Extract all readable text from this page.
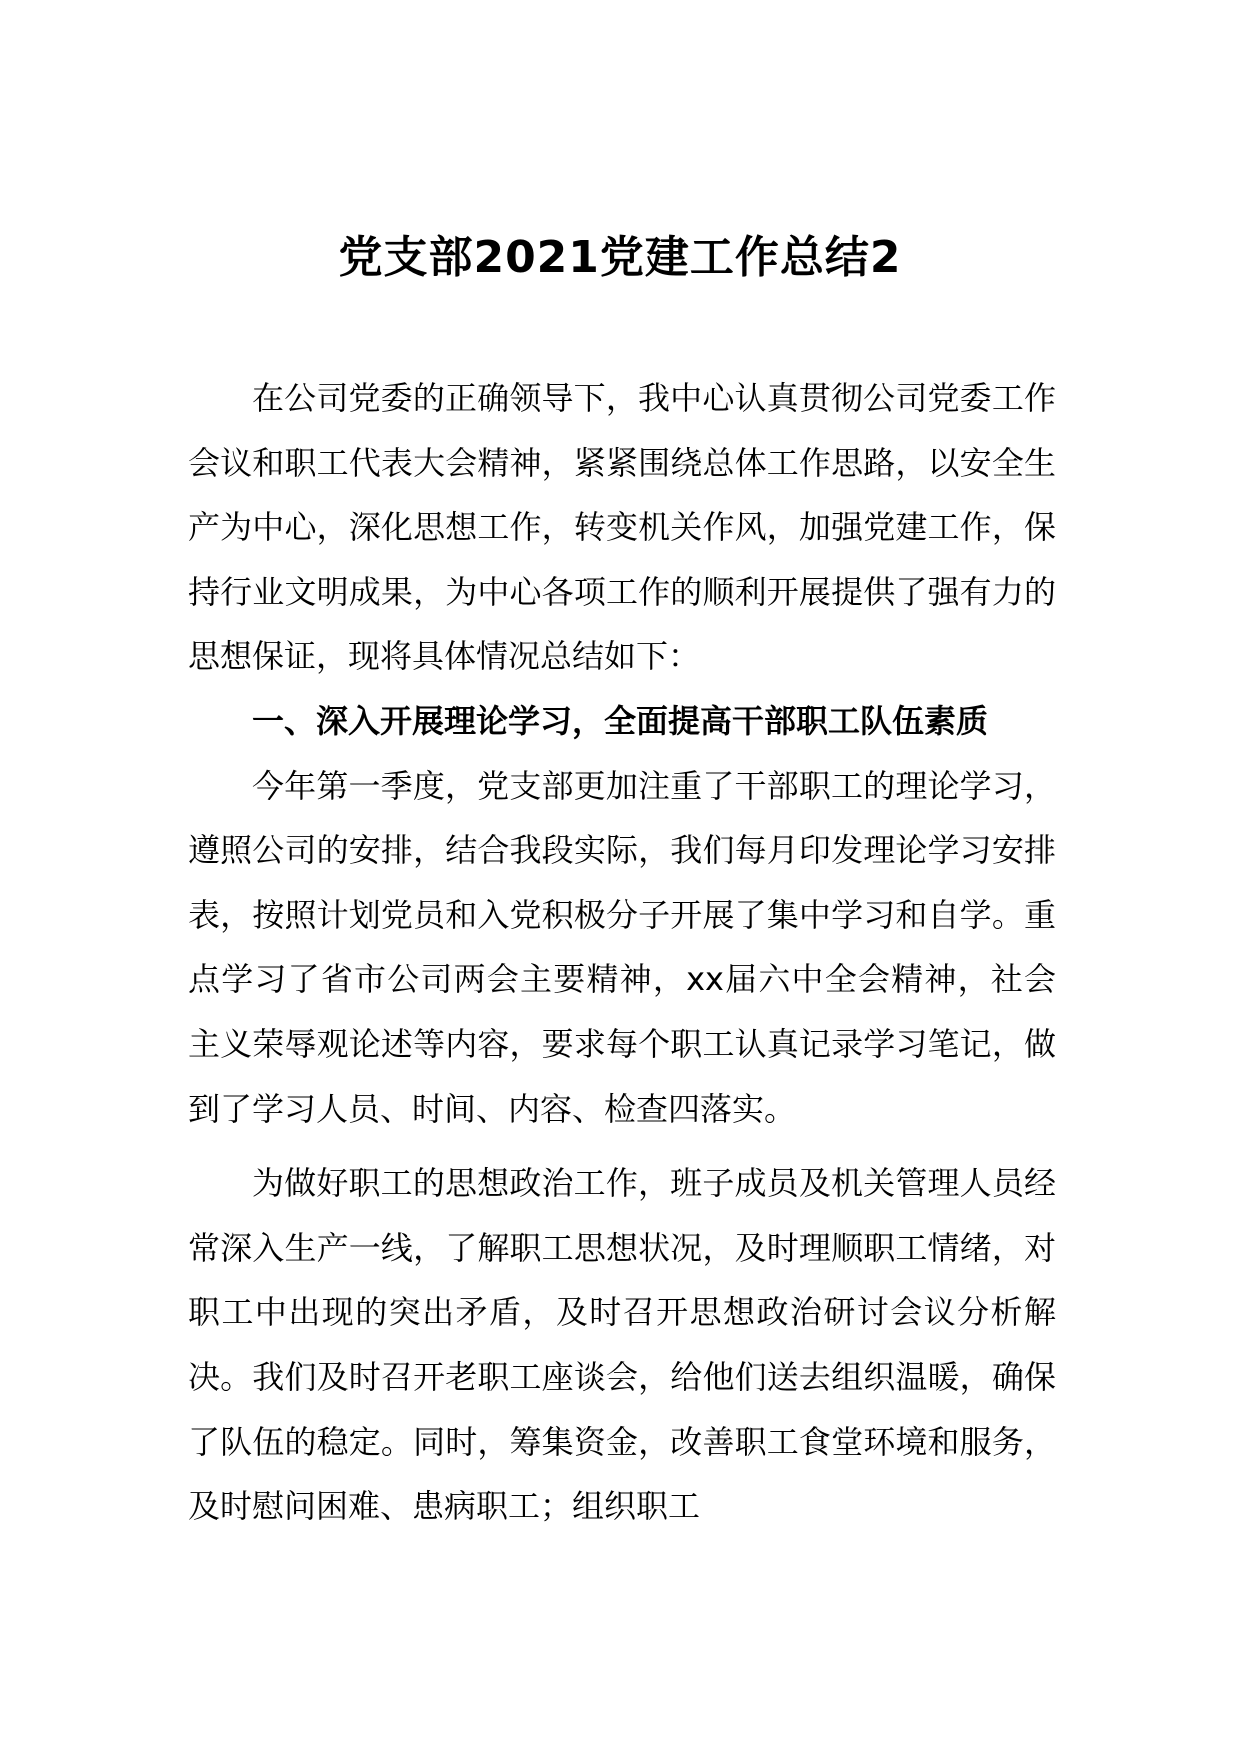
党支部2021党建工作总结2

在公司党委的正确领导下，我中心认真贯彻公司党委工作会议和职工代表大会精神，紧紧围绕总体工作思路，以安全生产为中心，深化思想工作，转变机关作风，加强党建工作，保持行业文明成果，为中心各项工作的顺利开展提供了强有力的思想保证，现将具体情况总结如下：

一、深入开展理论学习，全面提高干部职工队伍素质

今年第一季度，党支部更加注重了干部职工的理论学习，遵照公司的安排，结合我段实际，我们每月印发理论学习安排表，按照计划党员和入党积极分子开展了集中学习和自学。重点学习了省市公司两会主要精神，xx届六中全会精神，社会主义荣辱观论述等内容，要求每个职工认真记录学习笔记，做到了学习人员、时间、内容、检查四落实。

为做好职工的思想政治工作，班子成员及机关管理人员经常深入生产一线，了解职工思想状况，及时理顺职工情绪，对职工中出现的突出矛盾，及时召开思想政治研讨会议分析解决。我们及时召开老职工座谈会，给他们送去组织温暖，确保了队伍的稳定。同时，筹集资金，改善职工食堂环境和服务，及时慰问困难、患病职工；组织职工
